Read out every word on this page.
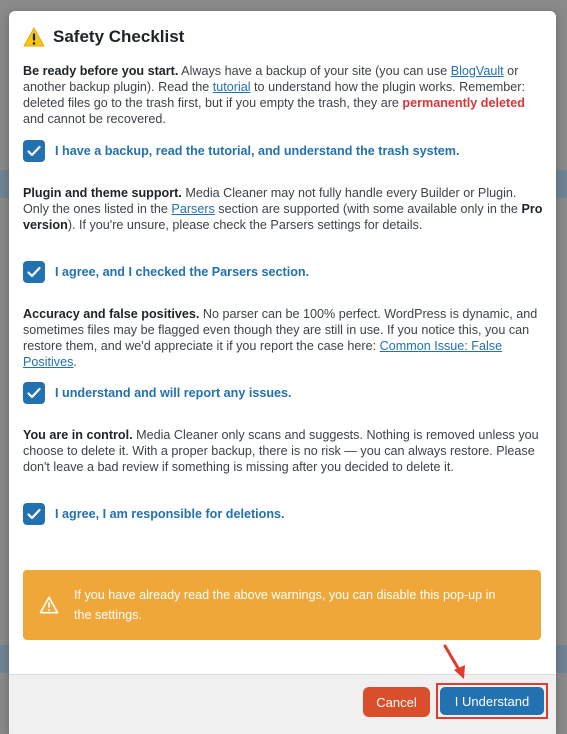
Safety Checklist

Be ready before you start. Always have a backup of your site (you can use BlogVault or another backup plugin). Read the tutorial to understand how the plugin works. Remember: deleted files go to the trash first, but if you empty the trash, they are permanently deleted and cannot be recovered.

I have a backup, read the tutorial, and understand the trash system.

Plugin and theme support. Media Cleaner may not fully handle every Builder or Plugin. Only the ones listed in the Parsers section are supported (with some available only in the Pro version). If you're unsure, please check the Parsers settings for details.

I agree, and I checked the Parsers section.

Accuracy and false positives. No parser can be 100% perfect. WordPress is dynamic, and sometimes files may be flagged even though they are still in use. If you notice this, you can restore them, and we'd appreciate it if you report the case here: Common Issue: False Positives.

I understand and will report any issues.

You are in control. Media Cleaner only scans and suggests. Nothing is removed unless you choose to delete it. With a proper backup, there is no risk — you can always restore. Please don't leave a bad review if something is missing after you decided to delete it.

I agree, I am responsible for deletions.
If you have already read the above warnings, you can disable this pop-up in the settings.
Cancel	I Understand
